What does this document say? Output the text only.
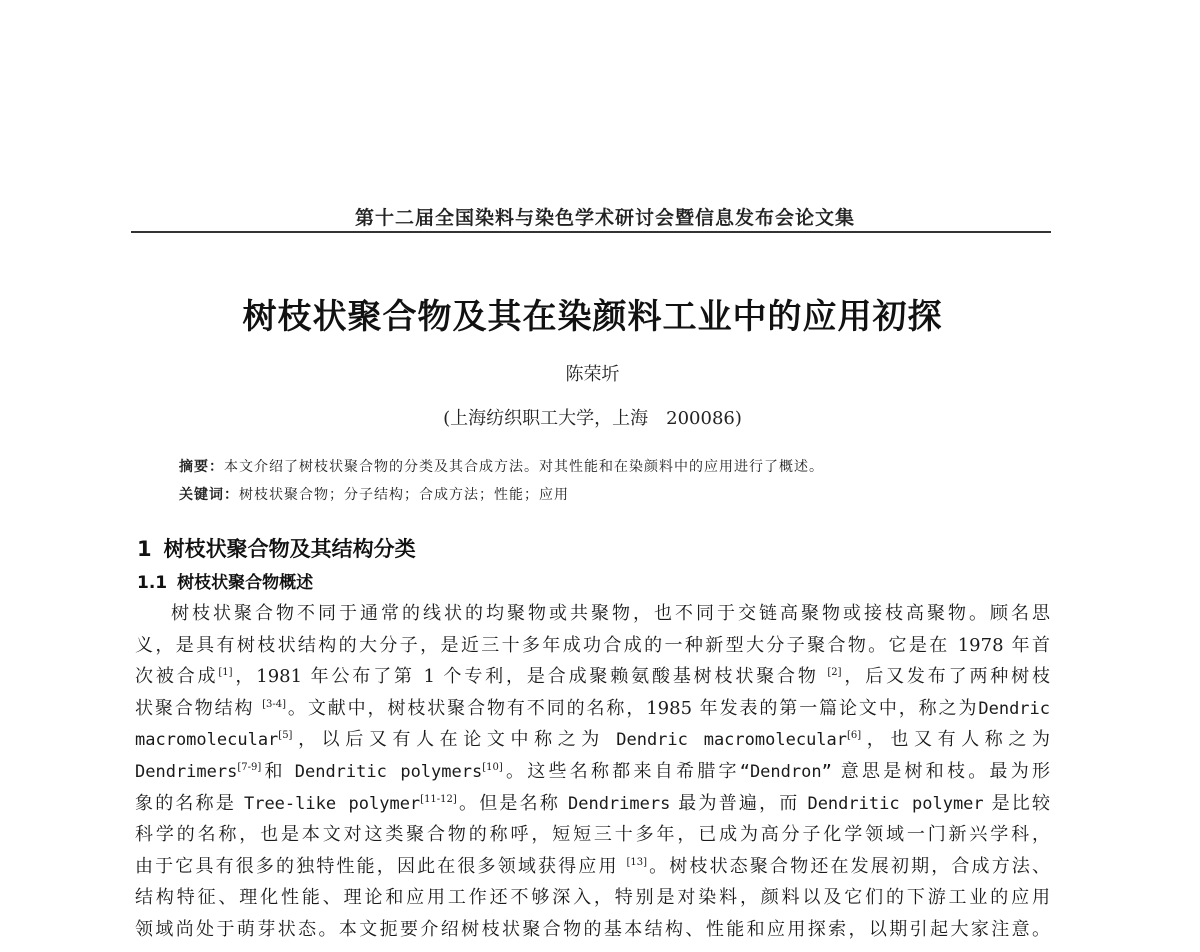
第十二届全国染料与染色学术研讨会暨信息发布会论文集
树枝状聚合物及其在染颜料工业中的应用初探
陈荣圻
(上海纺织职工大学，上海 200086)
摘要：本文介绍了树枝状聚合物的分类及其合成方法。对其性能和在染颜料中的应用进行了概述。
关键词：树枝状聚合物；分子结构；合成方法；性能；应用
1 树枝状聚合物及其结构分类
1.1 树枝状聚合物概述
树枝状聚合物不同于通常的线状的均聚物或共聚物，也不同于交链高聚物或接枝高聚物。顾名思
义，是具有树枝状结构的大分子，是近三十多年成功合成的一种新型大分子聚合物。它是在 1978 年首
次被合成[1]，1981 年公布了第 1 个专利，是合成聚赖氨酸基树枝状聚合物 [2]，后又发布了两种树枝
状聚合物结构 [3-4]。文献中，树枝状聚合物有不同的名称，1985 年发表的第一篇论文中，称之为Dendric
macromolecular[5]，以后又有人在论文中称之为 Dendric macromolecular[6]，也又有人称之为
Dendrimers[7-9]和 Dendritic polymers[10]。这些名称都来自希腊字“Dendron” 意思是树和枝。最为形
象的名称是 Tree-like polymer[11-12]。但是名称 Dendrimers 最为普遍，而 Dendritic polymer 是比较
科学的名称，也是本文对这类聚合物的称呼，短短三十多年，已成为高分子化学领域一门新兴学科，
由于它具有很多的独特性能，因此在很多领域获得应用 [13]。树枝状态聚合物还在发展初期，合成方法、
结构特征、理化性能、理论和应用工作还不够深入，特别是对染料，颜料以及它们的下游工业的应用
领域尚处于萌芽状态。本文扼要介绍树枝状聚合物的基本结构、性能和应用探索，以期引起大家注意。
